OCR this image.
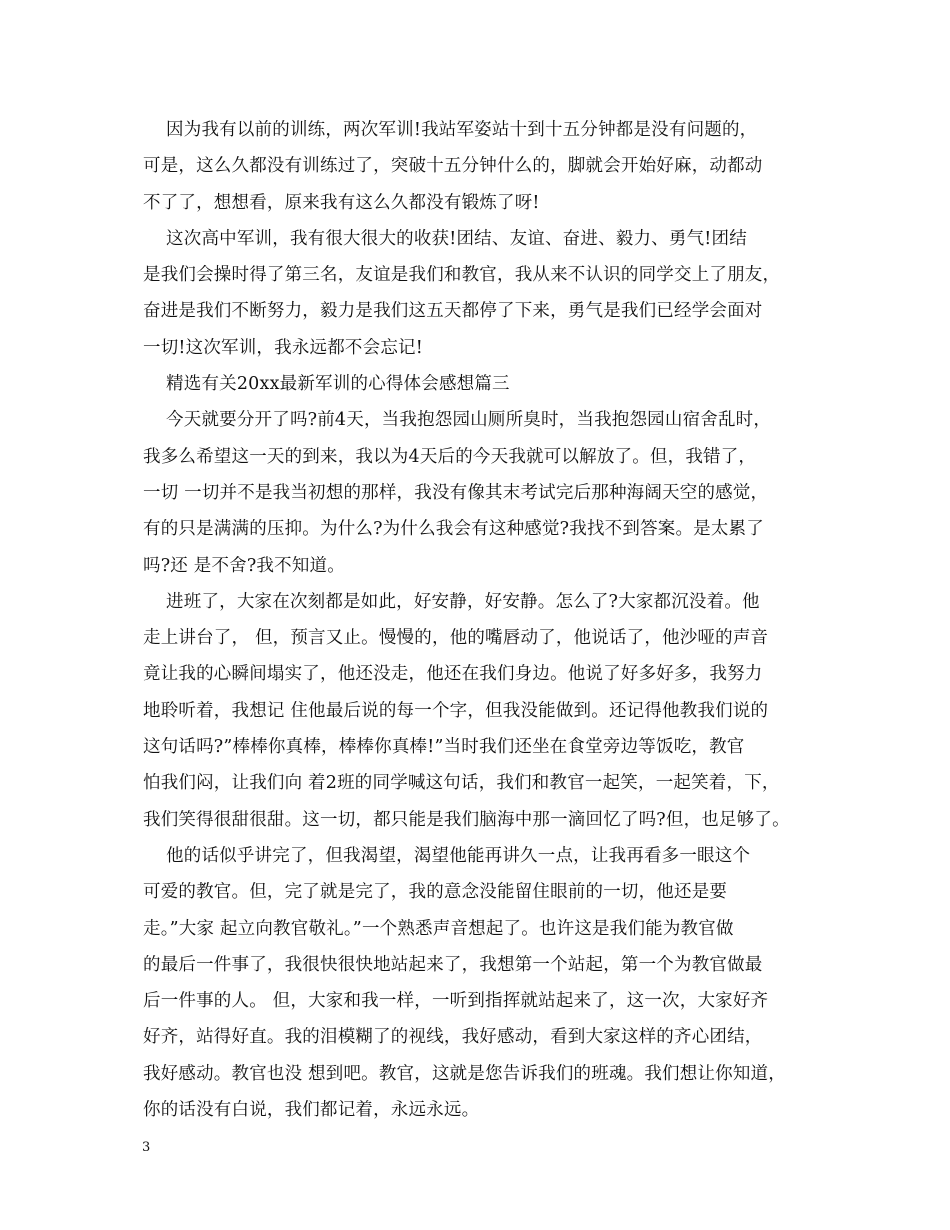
因为我有以前的训练，两次军训!我站军姿站十到十五分钟都是没有问题的，
可是，这么久都没有训练过了，突破十五分钟什么的，脚就会开始好麻，动都动
不了了，想想看，原来我有这么久都没有锻炼了呀!
这次高中军训，我有很大很大的收获!团结、友谊、奋进、毅力、勇气!团结
是我们会操时得了第三名，友谊是我们和教官，我从来不认识的同学交上了朋友，
奋进是我们不断努力，毅力是我们这五天都停了下来，勇气是我们已经学会面对
一切!这次军训，我永远都不会忘记!
精选有关20xx最新军训的心得体会感想篇三
今天就要分开了吗?前4天，当我抱怨园山厕所臭时，当我抱怨园山宿舍乱时，
我多么希望这一天的到来，我以为4天后的今天我就可以解放了。但，我错了，
一切 一切并不是我当初想的那样，我没有像其末考试完后那种海阔天空的感觉，
有的只是满满的压抑。为什么?为什么我会有这种感觉?我找不到答案。是太累了
吗?还 是不舍?我不知道。
进班了，大家在次刻都是如此，好安静，好安静。怎么了?大家都沉没着。他
走上讲台了， 但，预言又止。慢慢的，他的嘴唇动了，他说话了，他沙哑的声音
竟让我的心瞬间塌实了，他还没走，他还在我们身边。他说了好多好多，我努力
地聆听着，我想记 住他最后说的每一个字，但我没能做到。还记得他教我们说的
这句话吗?”棒棒你真棒，棒棒你真棒!”当时我们还坐在食堂旁边等饭吃，教官
怕我们闷，让我们向 着2班的同学喊这句话，我们和教官一起笑，一起笑着，下，
我们笑得很甜很甜。这一切，都只能是我们脑海中那一滴回忆了吗?但，也足够了。
他的话似乎讲完了，但我渴望，渴望他能再讲久一点，让我再看多一眼这个
可爱的教官。但，完了就是完了，我的意念没能留住眼前的一切，他还是要
走。”大家 起立向教官敬礼。”一个熟悉声音想起了。也许这是我们能为教官做
的最后一件事了，我很快很快地站起来了，我想第一个站起，第一个为教官做最
后一件事的人。 但，大家和我一样，一听到指挥就站起来了，这一次，大家好齐
好齐，站得好直。我的泪模糊了的视线，我好感动，看到大家这样的齐心团结，
我好感动。教官也没 想到吧。教官，这就是您告诉我们的班魂。我们想让你知道，
你的话没有白说，我们都记着，永远永远。
3
